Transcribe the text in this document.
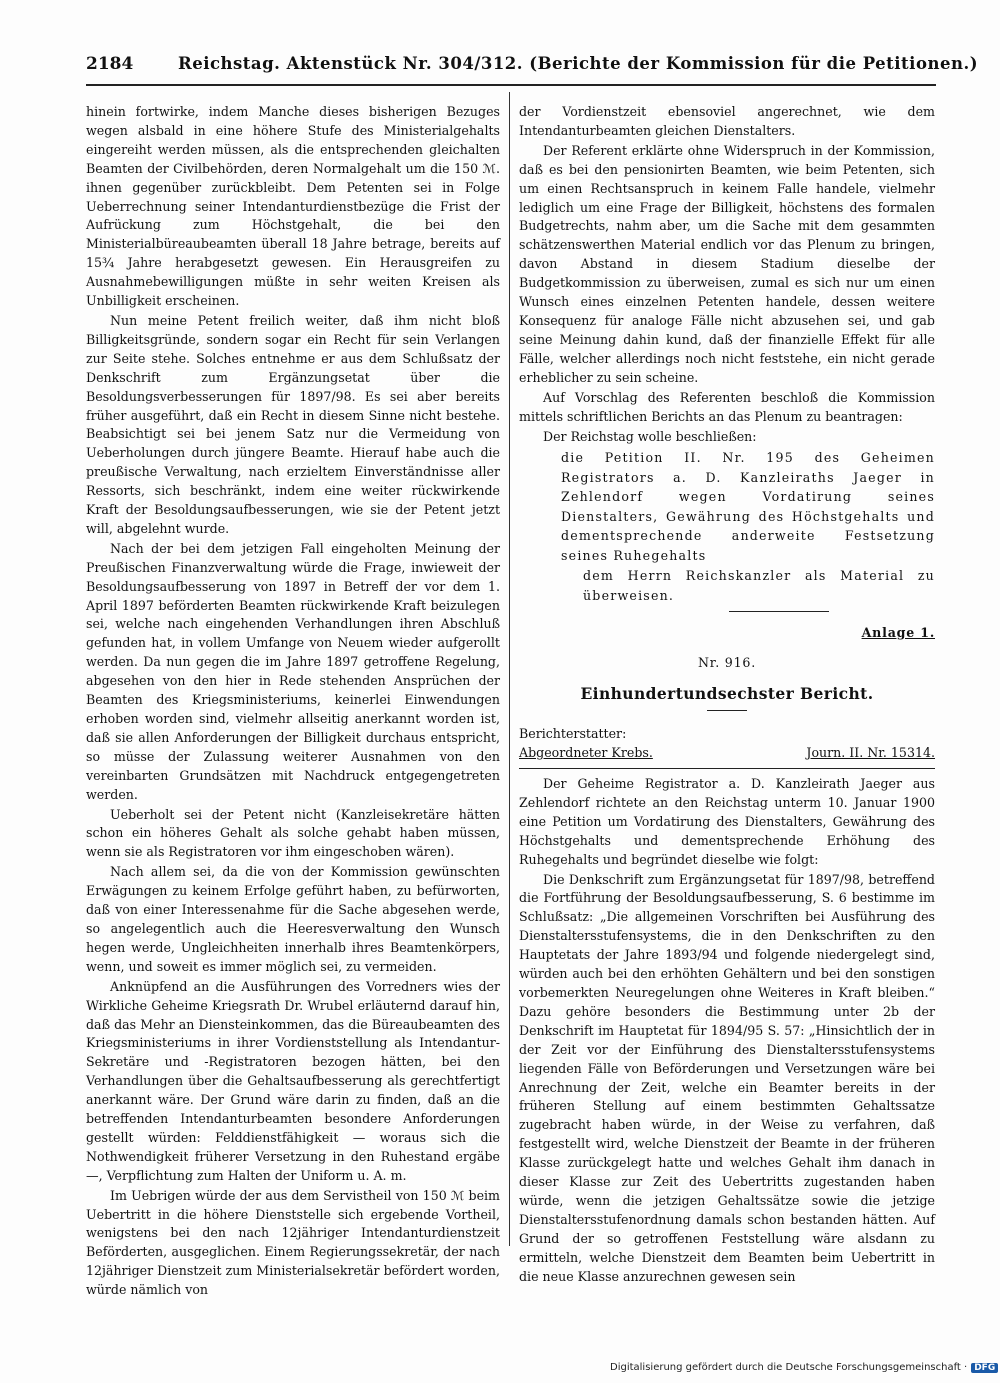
2184	Reichstag. Aktenstück Nr. 304/312. (Berichte der Kommission für die Petitionen.)

hinein fortwirke, indem Manche dieses bisherigen Bezuges wegen alsbald in eine höhere Stufe des Ministerialgehalts eingereiht werden müssen, als die entsprechenden gleichalten Beamten der Civilbehörden, deren Normalgehalt um die 150 ℳ. ihnen gegenüber zurückbleibt. Dem Petenten sei in Folge Ueberrechnung seiner Intendanturdienstbezüge die Frist der Aufrückung zum Höchstgehalt, die bei den Ministerialbüreaubeamten überall 18 Jahre betrage, bereits auf 15¾ Jahre herabgesetzt gewesen. Ein Herausgreifen zu Ausnahmebewilligungen müßte in sehr weiten Kreisen als Unbilligkeit erscheinen.

Nun meine Petent freilich weiter, daß ihm nicht bloß Billigkeitsgründe, sondern sogar ein Recht für sein Verlangen zur Seite stehe. Solches entnehme er aus dem Schlußsatz der Denkschrift zum Ergänzungsetat über die Besoldungsverbesserungen für 1897/98. Es sei aber bereits früher ausgeführt, daß ein Recht in diesem Sinne nicht bestehe. Beabsichtigt sei bei jenem Satz nur die Vermeidung von Ueberholungen durch jüngere Beamte. Hierauf habe auch die preußische Verwaltung, nach erzieltem Einverständnisse aller Ressorts, sich beschränkt, indem eine weiter rückwirkende Kraft der Besoldungsaufbesserungen, wie sie der Petent jetzt will, abgelehnt wurde.

Nach der bei dem jetzigen Fall eingeholten Meinung der Preußischen Finanzverwaltung würde die Frage, inwieweit der Besoldungsaufbesserung von 1897 in Betreff der vor dem 1. April 1897 beförderten Beamten rückwirkende Kraft beizulegen sei, welche nach eingehenden Verhandlungen ihren Abschluß gefunden hat, in vollem Umfange von Neuem wieder aufgerollt werden. Da nun gegen die im Jahre 1897 getroffene Regelung, abgesehen von den hier in Rede stehenden Ansprüchen der Beamten des Kriegsministeriums, keinerlei Einwendungen erhoben worden sind, vielmehr allseitig anerkannt worden ist, daß sie allen Anforderungen der Billigkeit durchaus entspricht, so müsse der Zulassung weiterer Ausnahmen von den vereinbarten Grundsätzen mit Nachdruck entgegengetreten werden.

Ueberholt sei der Petent nicht (Kanzleisekretäre hätten schon ein höheres Gehalt als solche gehabt haben müssen, wenn sie als Registratoren vor ihm eingeschoben wären).

Nach allem sei, da die von der Kommission gewünschten Erwägungen zu keinem Erfolge geführt haben, zu befürworten, daß von einer Interessenahme für die Sache abgesehen werde, so angelegentlich auch die Heeresverwaltung den Wunsch hegen werde, Ungleichheiten innerhalb ihres Beamtenkörpers, wenn, und soweit es immer möglich sei, zu vermeiden.

Anknüpfend an die Ausführungen des Vorredners wies der Wirkliche Geheime Kriegsrath Dr. Wrubel erläuternd darauf hin, daß das Mehr an Diensteinkommen, das die Büreaubeamten des Kriegsministeriums in ihrer Vordienststellung als Intendantur-Sekretäre und -Registratoren bezogen hätten, bei den Verhandlungen über die Gehaltsaufbesserung als gerechtfertigt anerkannt wäre. Der Grund wäre darin zu finden, daß an die betreffenden Intendanturbeamten besondere Anforderungen gestellt würden: Felddienstfähigkeit — woraus sich die Nothwendigkeit früherer Versetzung in den Ruhestand ergäbe —, Verpflichtung zum Halten der Uniform u. A. m.

Im Uebrigen würde der aus dem Servistheil von 150 ℳ beim Uebertritt in die höhere Dienststelle sich ergebende Vortheil, wenigstens bei den nach 12jähriger Intendanturdienstzeit Beförderten, ausgeglichen. Einem Regierungssekretär, der nach 12jähriger Dienstzeit zum Ministerialsekretär befördert worden, würde nämlich von

der Vordienstzeit ebensoviel angerechnet, wie dem Intendanturbeamten gleichen Dienstalters.

Der Referent erklärte ohne Widerspruch in der Kommission, daß es bei den pensionirten Beamten, wie beim Petenten, sich um einen Rechtsanspruch in keinem Falle handele, vielmehr lediglich um eine Frage der Billigkeit, höchstens des formalen Budgetrechts, nahm aber, um die Sache mit dem gesammten schätzenswerthen Material endlich vor das Plenum zu bringen, davon Abstand in diesem Stadium dieselbe der Budgetkommission zu überweisen, zumal es sich nur um einen Wunsch eines einzelnen Petenten handele, dessen weitere Konsequenz für analoge Fälle nicht abzusehen sei, und gab seine Meinung dahin kund, daß der finanzielle Effekt für alle Fälle, welcher allerdings noch nicht feststehe, ein nicht gerade erheblicher zu sein scheine.

Auf Vorschlag des Referenten beschloß die Kommission mittels schriftlichen Berichts an das Plenum zu beantragen:

Der Reichstag wolle beschließen:

die Petition II. Nr. 195 des Geheimen Registrators a. D. Kanzleiraths Jaeger in Zehlendorf wegen Vordatirung seines Dienstalters, Gewährung des Höchstgehalts und dementsprechende anderweite Festsetzung seines Ruhegehalts

dem Herrn Reichskanzler als Material zu überweisen.

Anlage 1.
Nr. 916.
Einhundertundsechster Bericht.
Berichterstatter:
Abgeordneter Krebs.	Journ. II. Nr. 15314.

Der Geheime Registrator a. D. Kanzleirath Jaeger aus Zehlendorf richtete an den Reichstag unterm 10. Januar 1900 eine Petition um Vordatirung des Dienstalters, Gewährung des Höchstgehalts und dementsprechende Erhöhung des Ruhegehalts und begründet dieselbe wie folgt:

Die Denkschrift zum Ergänzungsetat für 1897/98, betreffend die Fortführung der Besoldungsaufbesserung, S. 6 bestimme im Schlußsatz: „Die allgemeinen Vorschriften bei Ausführung des Dienstaltersstufensystems, die in den Denkschriften zu den Hauptetats der Jahre 1893/94 und folgende niedergelegt sind, würden auch bei den erhöhten Gehältern und bei den sonstigen vorbemerkten Neuregelungen ohne Weiteres in Kraft bleiben.“ Dazu gehöre besonders die Bestimmung unter 2b der Denkschrift im Hauptetat für 1894/95 S. 57: „Hinsichtlich der in der Zeit vor der Einführung des Dienstaltersstufensystems liegenden Fälle von Beförderungen und Versetzungen wäre bei Anrechnung der Zeit, welche ein Beamter bereits in der früheren Stellung auf einem bestimmten Gehaltssatze zugebracht haben würde, in der Weise zu verfahren, daß festgestellt wird, welche Dienstzeit der Beamte in der früheren Klasse zurückgelegt hatte und welches Gehalt ihm danach in dieser Klasse zur Zeit des Uebertritts zugestanden haben würde, wenn die jetzigen Gehaltssätze sowie die jetzige Dienstaltersstufenordnung damals schon bestanden hätten. Auf Grund der so getroffenen Feststellung wäre alsdann zu ermitteln, welche Dienstzeit dem Beamten beim Uebertritt in die neue Klasse anzurechnen gewesen sein

Digitalisierung gefördert durch die Deutsche Forschungsgemeinschaft · DFG
